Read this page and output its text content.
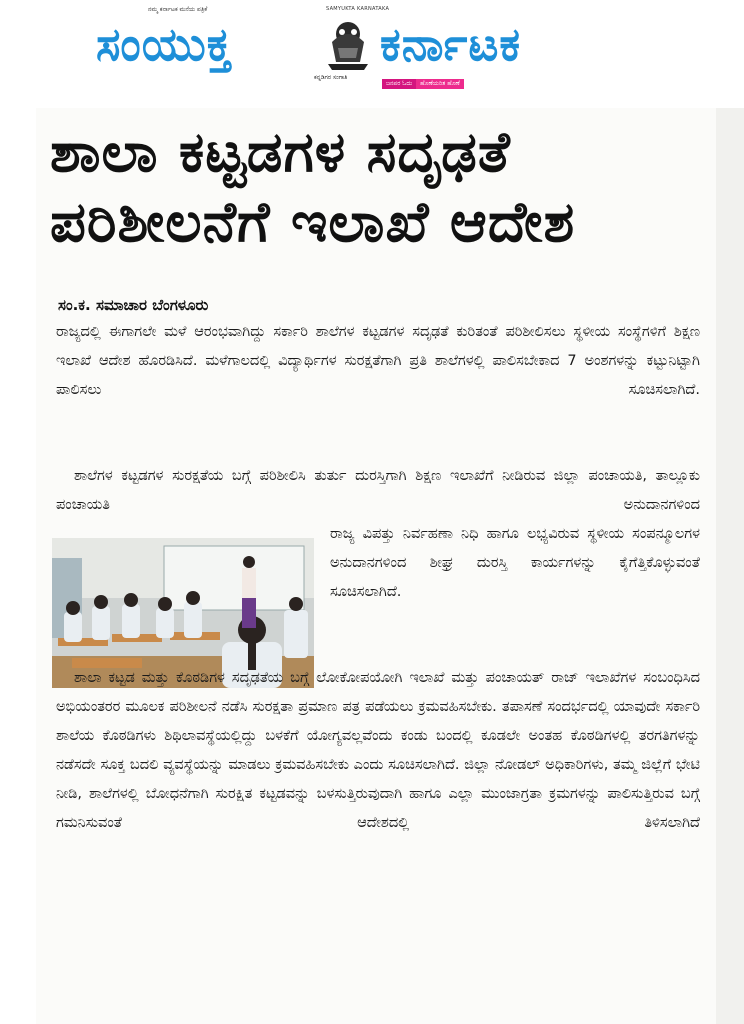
ನಮ್ಮ ಕರ್ನಾಟಕ ಮನೆಯ ಪತ್ರಿಕೆ	SAMYUKTA KARNATAKA
ಸಂಯುಕ್ತ
ಕನ್ನಡಿಗರ ಸಂಗಾತಿ
ಕರ್ನಾಟಕ
ಜನಪರ ಓದು	ಹೊಣೆಯರಿತ ಹೊಣೆ
ಶಾಲಾ ಕಟ್ಟಡಗಳ ಸದೃಢತೆ
ಪರಿಶೀಲನೆಗೆ ಇಲಾಖೆ ಆದೇಶ
ಸಂ.ಕ. ಸಮಾಚಾರ ಬೆಂಗಳೂರು
ರಾಜ್ಯದಲ್ಲಿ ಈಗಾಗಲೇ ಮಳೆ ಆರಂಭವಾಗಿದ್ದು ಸರ್ಕಾರಿ ಶಾಲೆಗಳ ಕಟ್ಟಡಗಳ ಸದೃಢತೆ ಕುರಿತಂತೆ ಪರಿಶೀಲಿಸಲು ಸ್ಥಳೀಯ ಸಂಸ್ಥೆಗಳಿಗೆ ಶಿಕ್ಷಣ ಇಲಾಖೆ ಆದೇಶ ಹೊರಡಿಸಿದೆ. ಮಳೆಗಾಲದಲ್ಲಿ ವಿದ್ಯಾರ್ಥಿಗಳ ಸುರಕ್ಷತೆಗಾಗಿ ಪ್ರತಿ ಶಾಲೆಗಳಲ್ಲಿ ಪಾಲಿಸಬೇಕಾದ 7 ಅಂಶಗಳನ್ನು ಕಟ್ಟುನಿಟ್ಟಾಗಿ ಪಾಲಿಸಲು ಸೂಚಿಸಲಾಗಿದೆ.
ಶಾಲೆಗಳ ಕಟ್ಟಡಗಳ ಸುರಕ್ಷತೆಯ ಬಗ್ಗೆ ಪರಿಶೀಲಿಸಿ ತುರ್ತು ದುರಸ್ತಿಗಾಗಿ ಶಿಕ್ಷಣ ಇಲಾಖೆಗೆ ನೀಡಿರುವ ಜಿಲ್ಲಾ ಪಂಚಾಯತಿ, ತಾಲ್ಲೂಕು ಪಂಚಾಯತಿ ಅನುದಾನಗಳಿಂದ
ರಾಜ್ಯ ವಿಪತ್ತು ನಿರ್ವಹಣಾ ನಿಧಿ ಹಾಗೂ ಲಭ್ಯವಿರುವ ಸ್ಥಳೀಯ ಸಂಪನ್ಮೂಲಗಳ ಅನುದಾನಗಳಿಂದ ಶೀಘ್ರ ದುರಸ್ತಿ ಕಾರ್ಯಗಳನ್ನು ಕೈಗೆತ್ತಿಕೊಳ್ಳುವಂತೆ ಸೂಚಿಸಲಾಗಿದೆ.
ಶಾಲಾ ಕಟ್ಟಡ ಮತ್ತು ಕೊಠಡಿಗಳ ಸದೃಢತೆಯ ಬಗ್ಗೆ ಲೋಕೋಪಯೋಗಿ ಇಲಾಖೆ ಮತ್ತು ಪಂಚಾಯತ್ ರಾಜ್ ಇಲಾಖೆಗಳ ಸಂಬಂಧಿಸಿದ ಅಭಿಯಂತರರ ಮೂಲಕ ಪರಿಶೀಲನೆ ನಡೆಸಿ ಸುರಕ್ಷತಾ ಪ್ರಮಾಣ ಪತ್ರ ಪಡೆಯಲು ಕ್ರಮವಹಿಸಬೇಕು. ತಪಾಸಣೆ ಸಂದರ್ಭದಲ್ಲಿ ಯಾವುದೇ ಸರ್ಕಾರಿ ಶಾಲೆಯ ಕೊಠಡಿಗಳು ಶಿಥಿಲಾವಸ್ಥೆಯಲ್ಲಿದ್ದು ಬಳಕೆಗೆ ಯೋಗ್ಯವಲ್ಲವೆಂದು ಕಂಡು ಬಂದಲ್ಲಿ ಕೂಡಲೇ ಅಂತಹ ಕೊಠಡಿಗಳಲ್ಲಿ ತರಗತಿಗಳನ್ನು ನಡೆಸದೇ ಸೂಕ್ತ ಬದಲಿ ವ್ಯವಸ್ಥೆಯನ್ನು ಮಾಡಲು ಕ್ರಮವಹಿಸಬೇಕು ಎಂದು ಸೂಚಿಸಲಾಗಿದೆ. ಜಿಲ್ಲಾ ನೋಡಲ್ ಅಧಿಕಾರಿಗಳು, ತಮ್ಮ ಜಿಲ್ಲೆಗೆ ಭೇಟಿ ನೀಡಿ, ಶಾಲೆಗಳಲ್ಲಿ ಬೋಧನೆಗಾಗಿ ಸುರಕ್ಷಿತ ಕಟ್ಟಡವನ್ನು ಬಳಸುತ್ತಿರುವುದಾಗಿ ಹಾಗೂ ಎಲ್ಲಾ ಮುಂಜಾಗ್ರತಾ ಕ್ರಮಗಳನ್ನು ಪಾಲಿಸುತ್ತಿರುವ ಬಗ್ಗೆ ಗಮನಿಸುವಂತೆ ಆದೇಶದಲ್ಲಿ ತಿಳಿಸಲಾಗಿದೆ
